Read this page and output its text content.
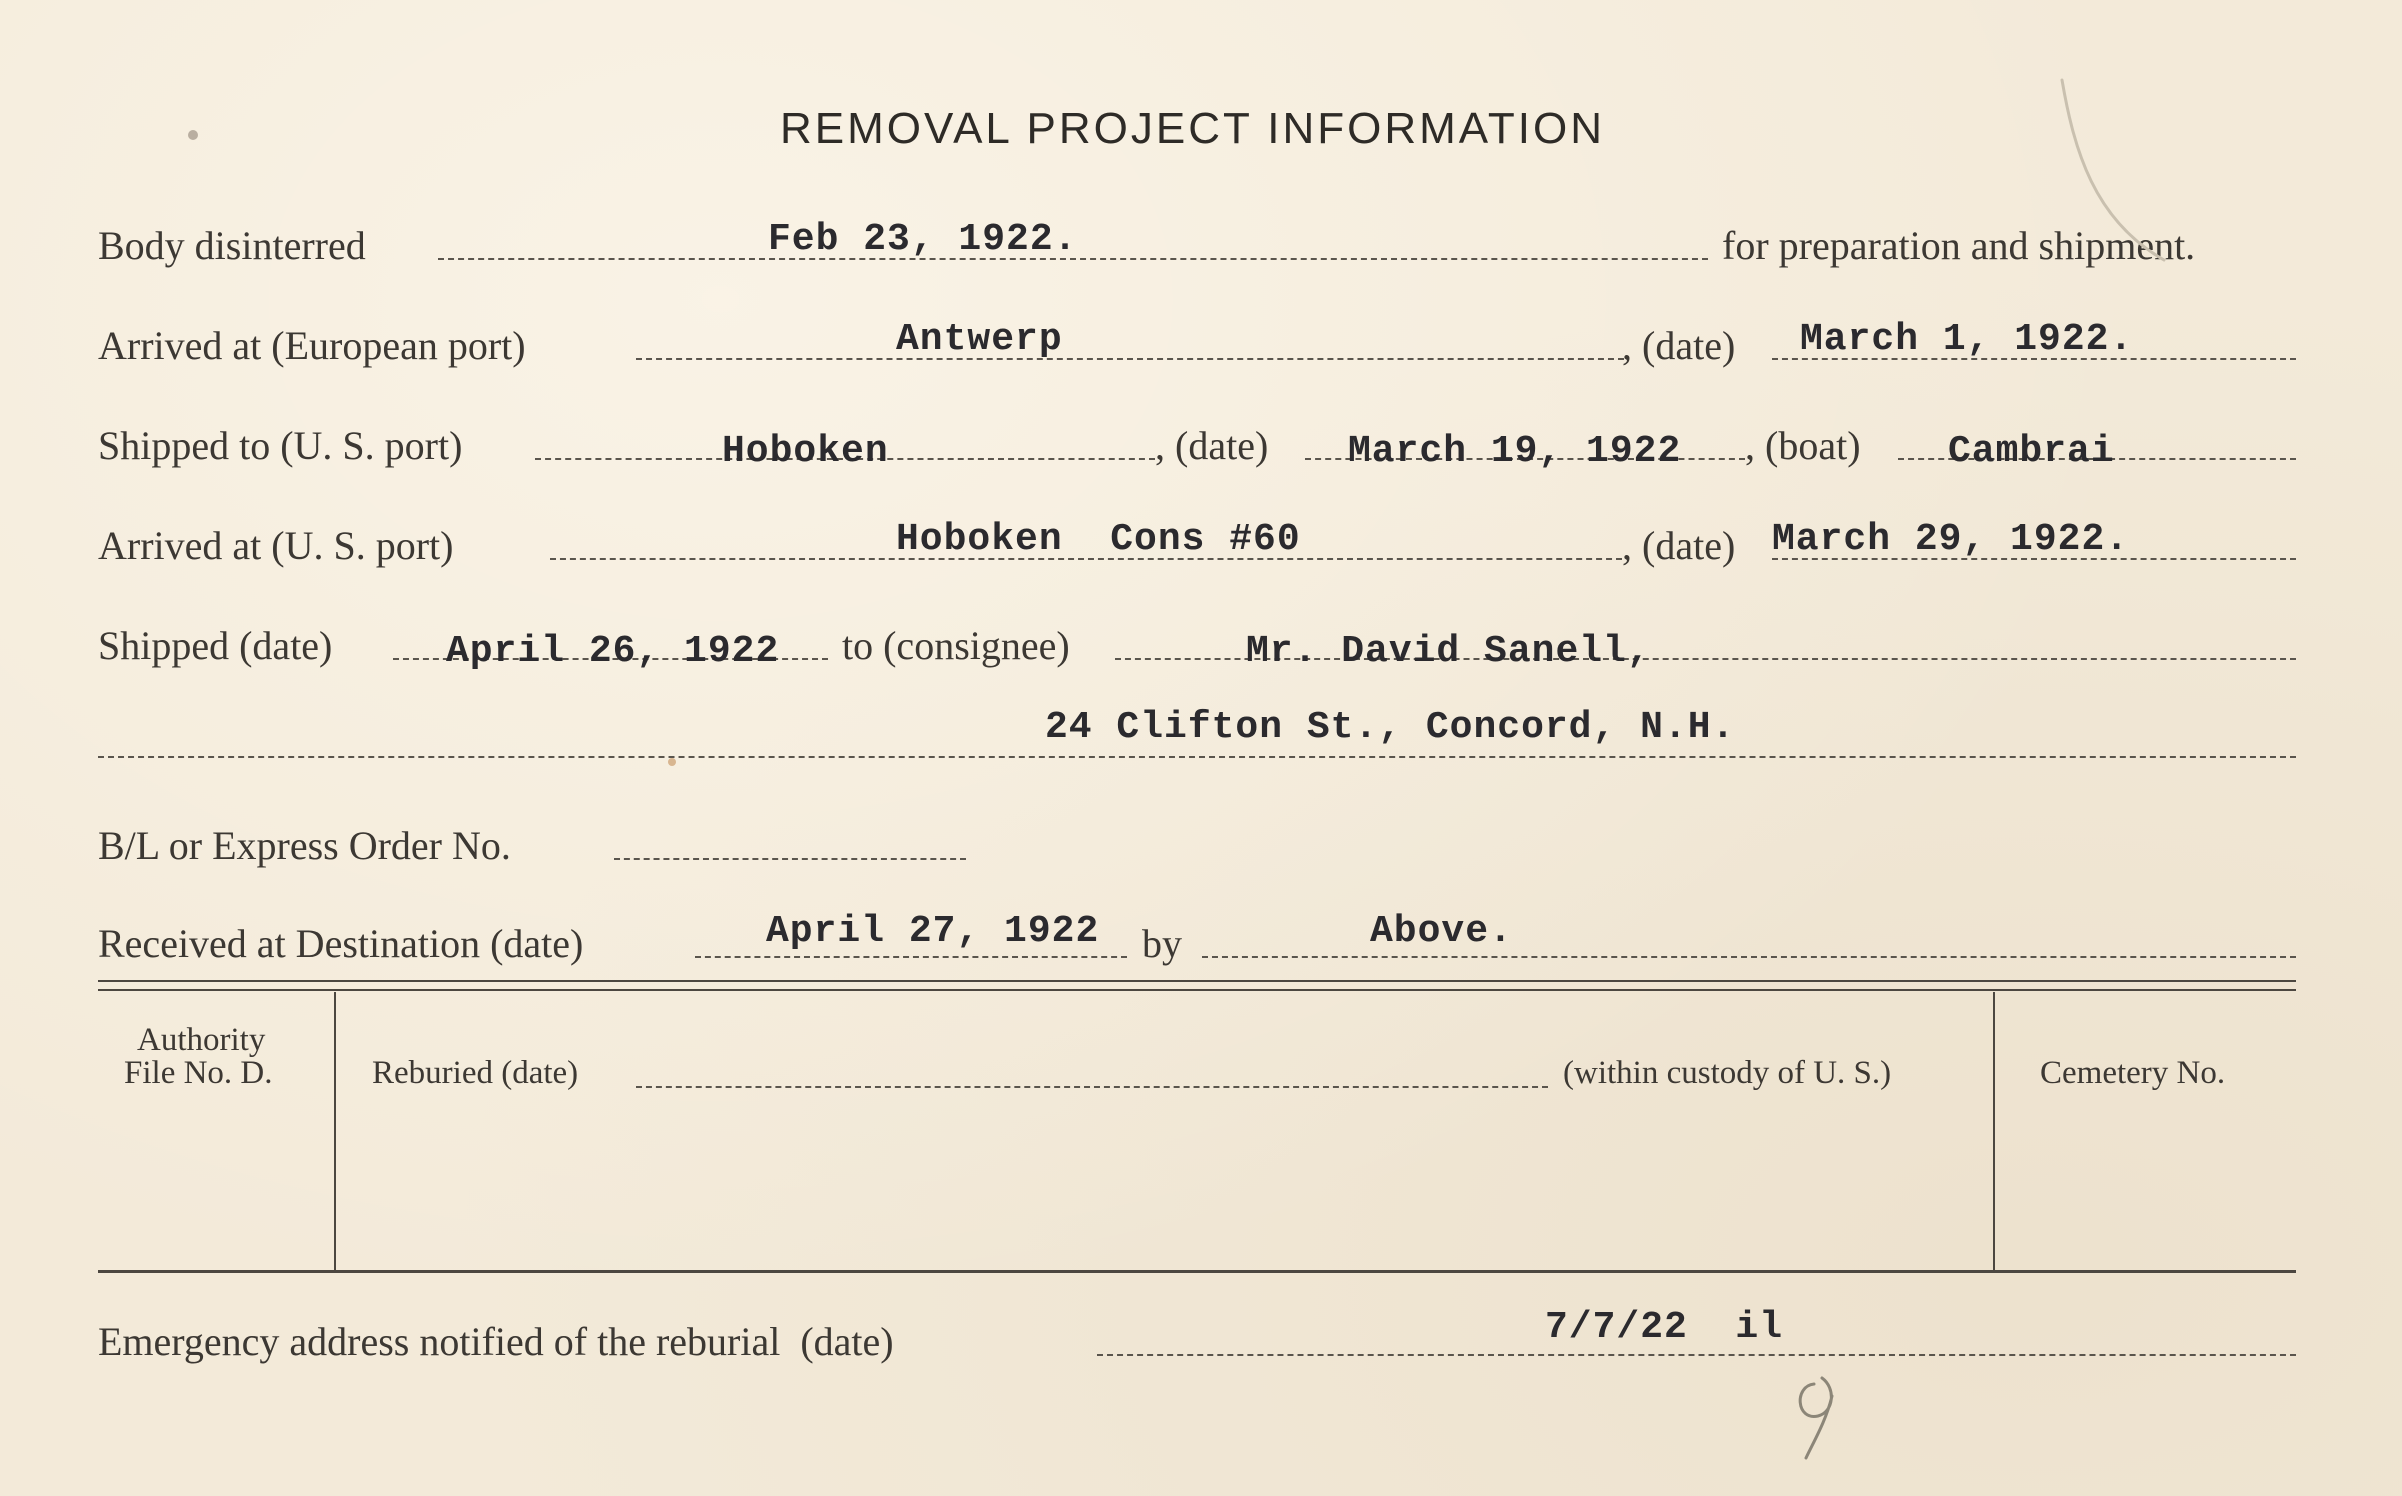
REMOVAL PROJECT INFORMATION
Body disinterred	Feb 23, 1922.	for preparation and shipment.
Arrived at (European port)	Antwerp	, (date) March 1, 1922.
Shipped to (U. S. port)	Hoboken	, (date) March 19, 1922 , (boat) Cambrai
Arrived at (U. S. port)	Hoboken  Cons #60	, (date) March 29, 1922.
Shipped (date)	April 26, 1922 to (consignee)	Mr. David Sanell,
24 Clifton St., Concord, N.H.
B/L or Express Order No.
Received at Destination (date)	April 27, 1922 by	Above.
Authority
File No. D.	Reburied (date)	(within custody of U. S.)	Cemetery No.
Emergency address notified of the reburial  (date)	7/7/22  il
